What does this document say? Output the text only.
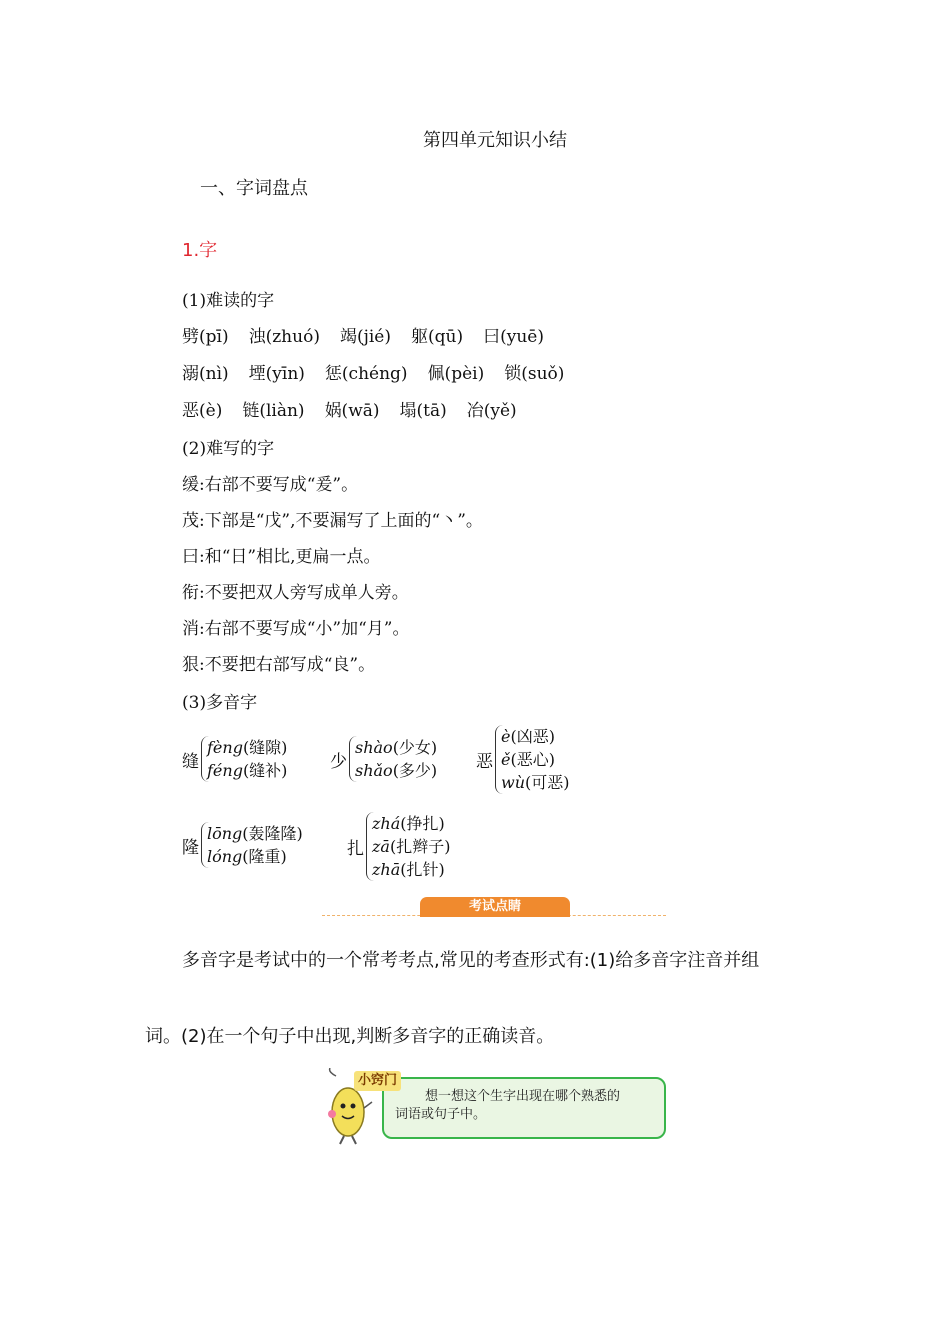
第四单元知识小结
一、字词盘点
1.字
(1)难读的字
劈(pī) 浊(zhuó) 竭(jié) 躯(qū) 曰(yuē)
溺(nì) 堙(yīn) 惩(chéng) 佩(pèi) 锁(suǒ)
恶(è) 链(liàn) 娲(wā) 塌(tā) 冶(yě)
(2)难写的字
缓:右部不要写成“爰”。
茂:下部是“戊”,不要漏写了上面的“丶”。
曰:和“日”相比,更扁一点。
衔:不要把双人旁写成单人旁。
消:右部不要写成“小”加“月”。
狠:不要把右部写成“良”。
(3)多音字
缝
fèng(缝隙)
féng(缝补)	少
shào(少女)
shǎo(多少) 恶
è(凶恶)
ě(恶心)
wù(可恶)
隆
lōng(轰隆隆)
lóng(隆重)	扎
zhá(挣扎)
zā(扎辫子)
zhā(扎针)
考试点睛
多音字是考试中的一个常考考点,常见的考查形式有:(1)给多音字注音并组
词。(2)在一个句子中出现,判断多音字的正确读音。
小窍门
想一想这个生字出现在哪个熟悉的
词语或句子中。
